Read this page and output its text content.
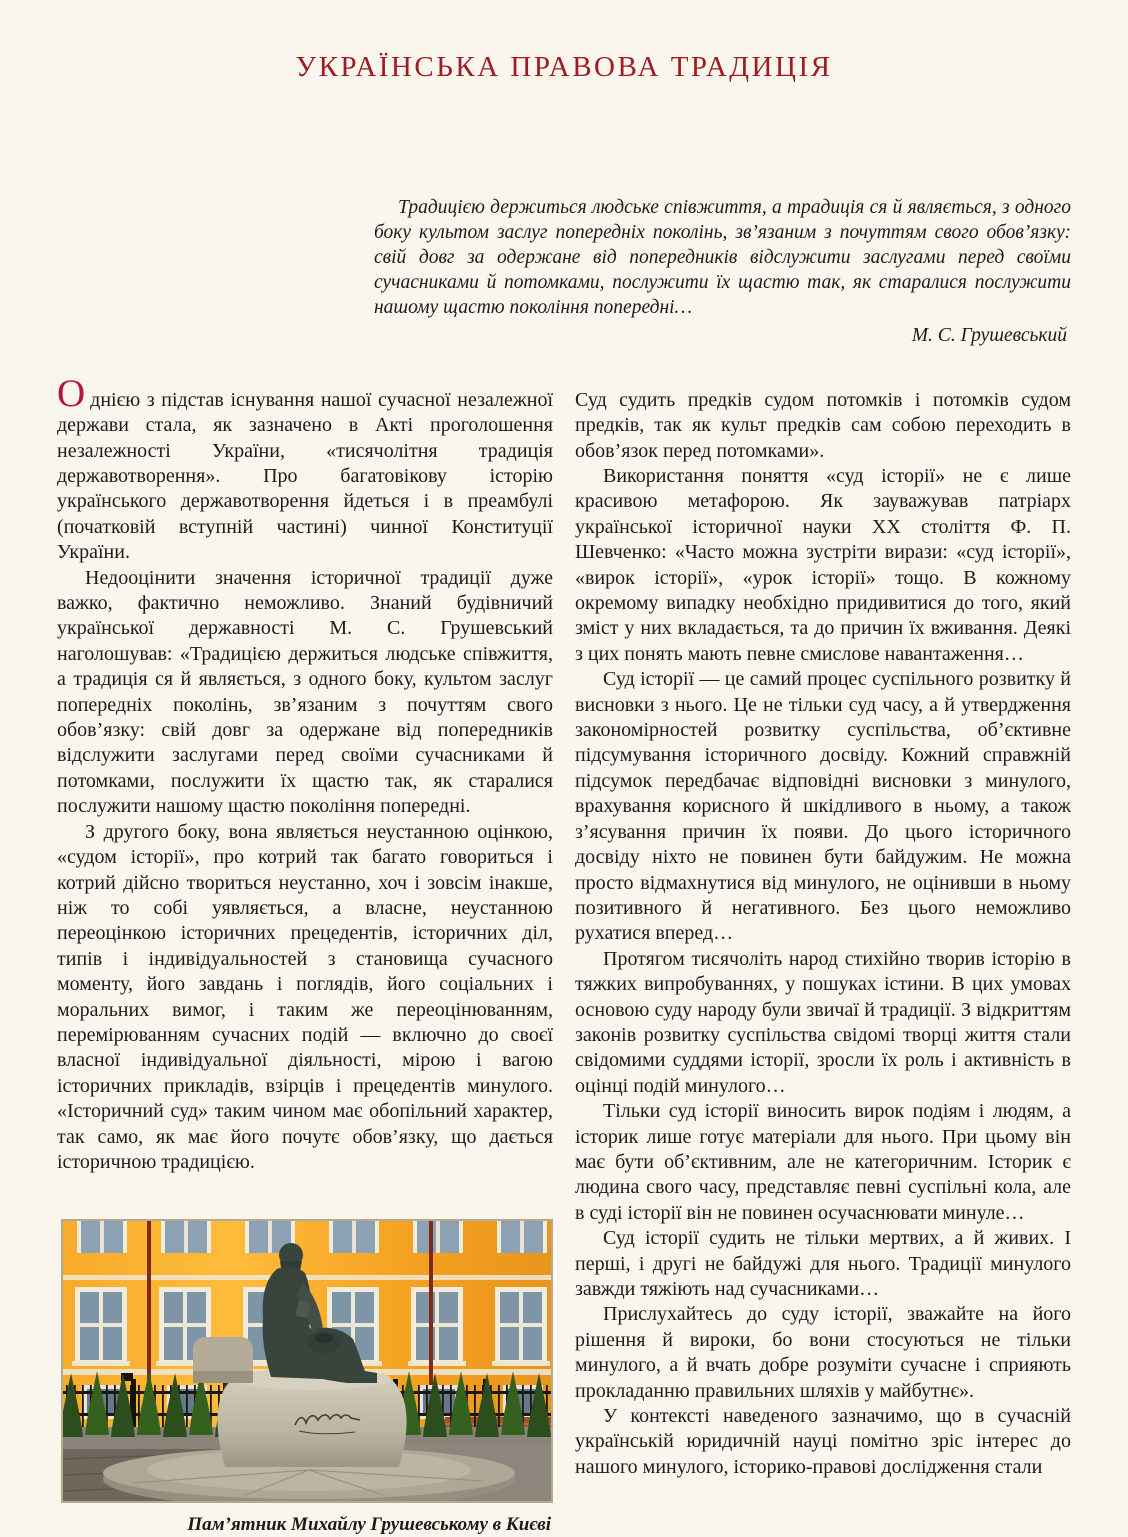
УКРАЇНСЬКА ПРАВОВА ТРАДИЦІЯ

Традицією держиться людське співжиття, а традиція ся й являється, з одного боку культом заслуг попередніх поколінь, зв’язаним з почуттям свого обов’язку: свій довг за одержане від попередників відслужити заслугами перед своїми сучасниками й потомками, послужити їх щастю так, як старалися послужити нашому щастю покоління попередні…

М. С. Грушевський

Однією з підстав існування нашої сучасної незалежної держави стала, як зазначено в Акті проголошення незалежності України, «тисячолітня традиція державотворення». Про багатовікову історію українського державотворення йдеться і в преамбулі (початковій вступній частині) чинної Конституції України.

Недооцінити значення історичної традиції дуже важко, фактично неможливо. Знаний будівничий української державності М. С. Грушевський наголошував: «Традицією держиться людське співжиття, а традиція ся й являється, з одного боку, культом заслуг попередніх поколінь, зв’язаним з почуттям свого обов’язку: свій довг за одержане від попередників відслужити заслугами перед своїми сучасниками й потомками, послужити їх щастю так, як старалися послужити нашому щастю покоління попередні.

З другого боку, вона являється неустанною оцінкою, «судом історії», про котрий так багато говориться і котрий дійсно твориться неустанно, хоч і зовсім інакше, ніж то собі уявляється, а власне, неустанною переоцінкою історичних прецедентів, історичних діл, типів і індивідуальностей з становища сучасного моменту, його завдань і поглядів, його соціальних і моральних вимог, і таким же переоцінюванням, перемірюванням сучасних подій — включно до своєї власної індивідуальної діяльності, мірою і вагою історичних прикладів, взірців і прецедентів минулого. «Історичний суд» таким чином має обопільний характер, так само, як має його почутє обов’язку, що дається історичною традицією.

Пам’ятник Михайлу Грушевському в Києві

Суд судить предків судом потомків і потомків судом предків, так як культ предків сам собою переходить в обов’язок перед потомками».

Використання поняття «суд історії» не є лише красивою метафорою. Як зауважував патріарх української історичної науки XX століття Ф. П. Шевченко: «Часто можна зустріти вирази: «суд історії», «вирок історії», «урок історії» тощо. В кожному окремому випадку необхідно придивитися до того, який зміст у них вкладається, та до причин їх вживання. Деякі з цих понять мають певне смислове навантаження…

Суд історії — це самий процес суспільного розвитку й висновки з нього. Це не тільки суд часу, а й утвердження закономірностей розвитку суспільства, об’єктивне підсумування історичного досвіду. Кожний справжній підсумок передбачає відповідні висновки з минулого, врахування корисного й шкідливого в ньому, а також з’ясування причин їх появи. До цього історичного досвіду ніхто не повинен бути байдужим. Не можна просто відмахнутися від минулого, не оцінивши в ньому позитивного й негативного. Без цього неможливо рухатися вперед…

Протягом тисячоліть народ стихійно творив історію в тяжких випробуваннях, у пошуках істини. В цих умовах основою суду народу були звичаї й традиції. З відкриттям законів розвитку суспільства свідомі творці життя стали свідомими суддями історії, зросли їх роль і активність в оцінці подій минулого…

Тільки суд історії виносить вирок подіям і людям, а історик лише готує матеріали для нього. При цьому він має бути об’єктивним, але не категоричним. Історик є людина свого часу, представляє певні суспільні кола, але в суді історії він не повинен осучаснювати минуле…

Суд історії судить не тільки мертвих, а й живих. І перші, і другі не байдужі для нього. Традиції минулого завжди тяжіють над сучасниками…

Прислухайтесь до суду історії, зважайте на його рішення й вироки, бо вони стосуються не тільки минулого, а й вчать добре розуміти сучасне і сприяють прокладанню правильних шляхів у майбутнє».

У контексті наведеного зазначимо, що в сучасній українській юридичній науці помітно зріс інтерес до нашого минулого, історико-правові дослідження стали
